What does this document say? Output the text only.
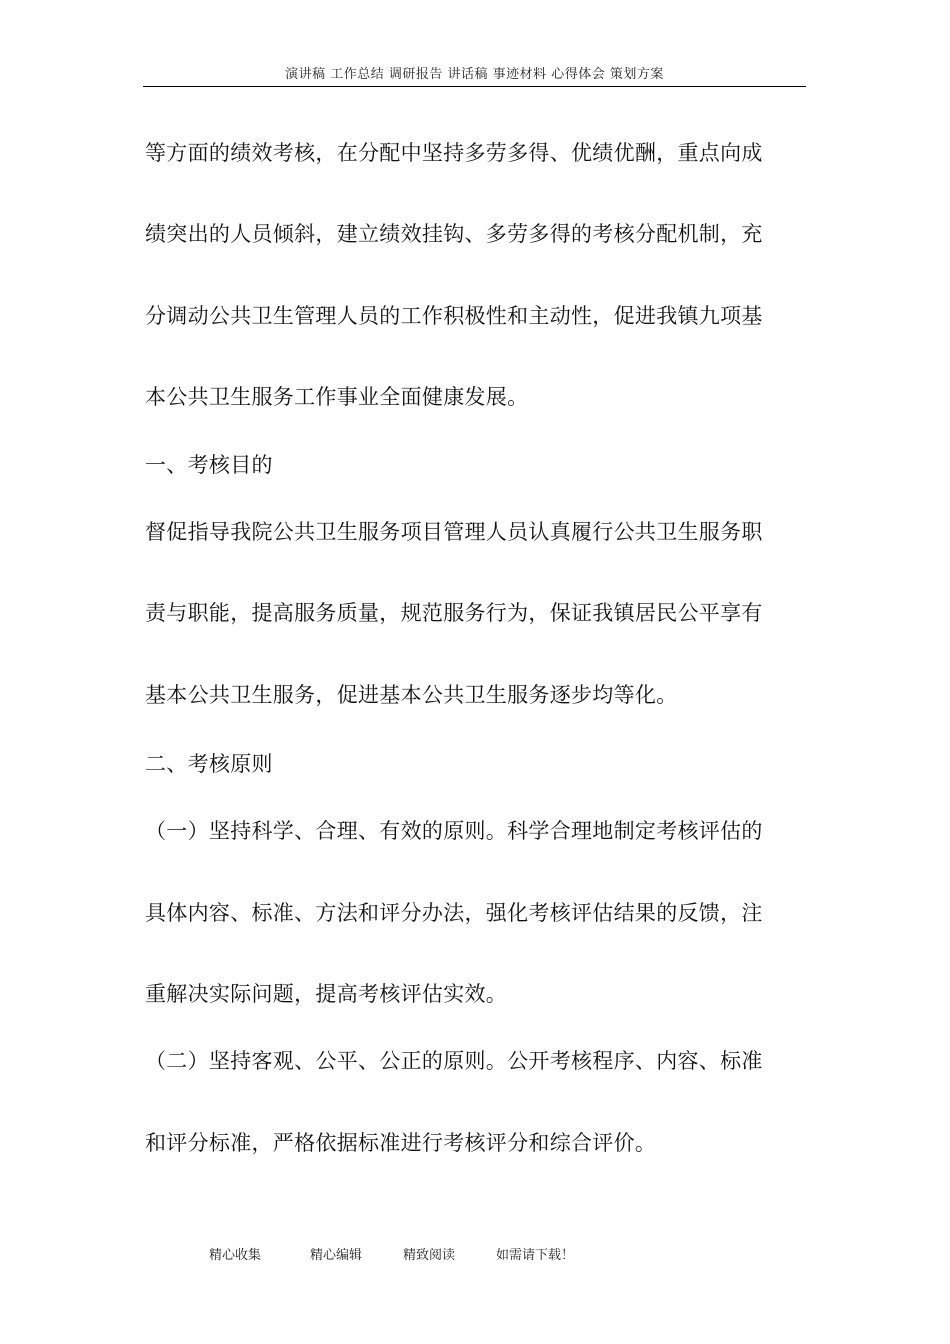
演讲稿 工作总结 调研报告 讲话稿 事迹材料 心得体会 策划方案
等方面的绩效考核，在分配中坚持多劳多得、优绩优酬，重点向成
绩突出的人员倾斜，建立绩效挂钩、多劳多得的考核分配机制，充
分调动公共卫生管理人员的工作积极性和主动性，促进我镇九项基
本公共卫生服务工作事业全面健康发展。
一、考核目的
督促指导我院公共卫生服务项目管理人员认真履行公共卫生服务职
责与职能，提高服务质量，规范服务行为，保证我镇居民公平享有
基本公共卫生服务，促进基本公共卫生服务逐步均等化。
二、考核原则
（一）坚持科学、合理、有效的原则。科学合理地制定考核评估的
具体内容、标准、方法和评分办法，强化考核评估结果的反馈，注
重解决实际问题，提高考核评估实效。
（二）坚持客观、公平、公正的原则。公开考核程序、内容、标准
和评分标准，严格依据标准进行考核评分和综合评价。
精心收集	精心编辑	精致阅读	如需请下载！
